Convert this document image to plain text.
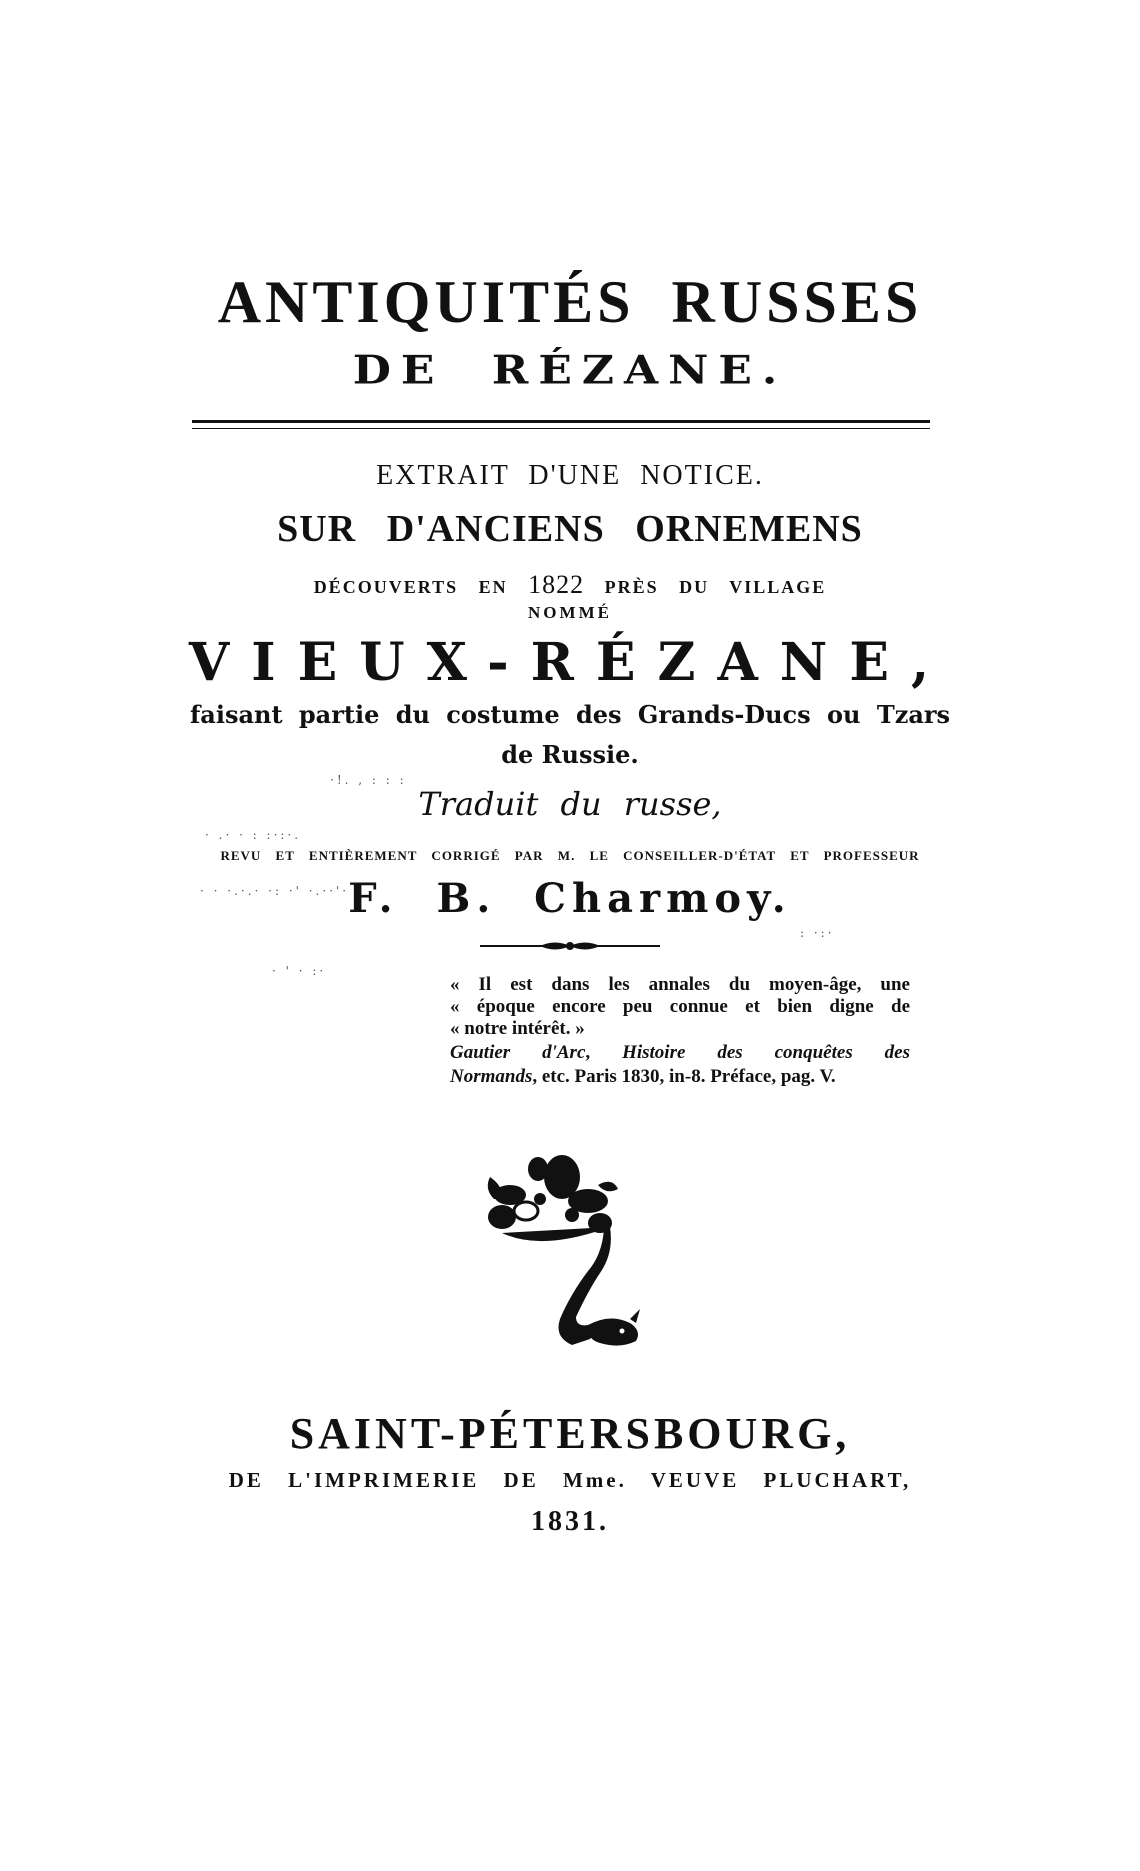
ANTIQUITÉS RUSSES
DE RÉZANE.
EXTRAIT D'UNE NOTICE.
SUR D'ANCIENS ORNEMENS
DÉCOUVERTS EN 1822 PRÈS DU VILLAGE
NOMMÉ
VIEUX-RÉZANE,
faisant partie du costume des Grands-Ducs ou Tzars
de Russie.
Traduit du russe,
REVU ET ENTIÈREMENT CORRIGÉ PAR M. LE CONSEILLER-D'ÉTAT ET PROFESSEUR
F. B. Charmoy.
« Il est dans les annales du moyen-âge, une
« époque encore peu connue et bien digne de
« notre intérêt. »
Gautier d'Arc, Histoire des conquêtes des
Normands, etc. Paris 1830, in-8. Préface, pag. V.
SAINT-PÉTERSBOURG,
DE L'IMPRIMERIE DE Mme. VEUVE PLUCHART,
1831.
·!. , : : :
· .· · : :·:·.
· · ·.·.· ·: ·' ·.··'·
: ·:·
· ' · :·
